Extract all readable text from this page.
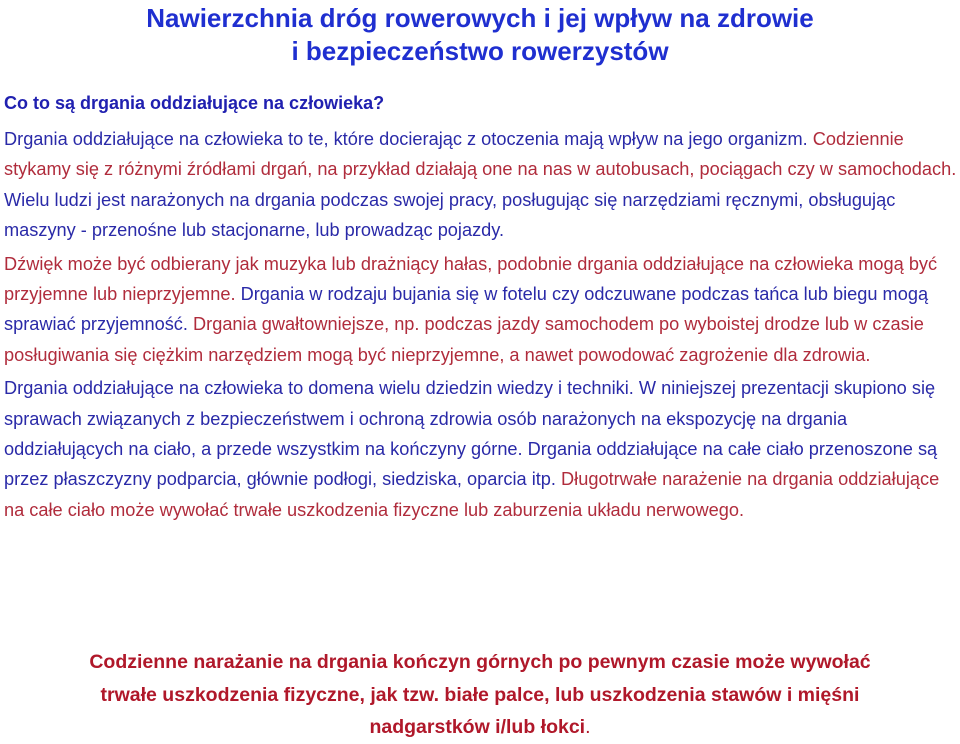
Nawierzchnia dróg rowerowych i jej wpływ na zdrowie
i bezpieczeństwo rowerzystów
Co to są drgania oddziałujące na człowieka?

Drgania oddziałujące na człowieka to te, które docierając z otoczenia mają wpływ na jego organizm. Codziennie stykamy się z różnymi źródłami drgań, na przykład działają one na nas w autobusach, pociągach czy w samochodach. Wielu ludzi jest narażonych na drgania podczas swojej pracy, posługując się narzędziami ręcznymi, obsługując maszyny - przenośne lub stacjonarne, lub prowadząc pojazdy.

Dźwięk może być odbierany jak muzyka lub drażniący hałas, podobnie drgania oddziałujące na człowieka mogą być przyjemne lub nieprzyjemne. Drgania w rodzaju bujania się w fotelu czy odczuwane podczas tańca lub biegu mogą sprawiać przyjemność. Drgania gwałtowniejsze, np. podczas jazdy samochodem po wyboistej drodze lub w czasie posługiwania się ciężkim narzędziem mogą być nieprzyjemne, a nawet powodować zagrożenie dla zdrowia.

Drgania oddziałujące na człowieka to domena wielu dziedzin wiedzy i techniki. W niniejszej prezentacji skupiono się sprawach związanych z bezpieczeństwem i ochroną zdrowia osób narażonych na ekspozycję na drgania oddziałujących na ciało, a przede wszystkim na kończyny górne. Drgania oddziałujące na całe ciało przenoszone są przez płaszczyzny podparcia, głównie podłogi, siedziska, oparcia itp. Długotrwałe narażenie na drgania oddziałujące na całe ciało może wywołać trwałe uszkodzenia fizyczne lub zaburzenia układu nerwowego.

Codzienne narażanie na drgania kończyn górnych po pewnym czasie może wywołać
trwałe uszkodzenia fizyczne, jak tzw. białe palce, lub uszkodzenia stawów i mięśni
nadgarstków i/lub łokci.
